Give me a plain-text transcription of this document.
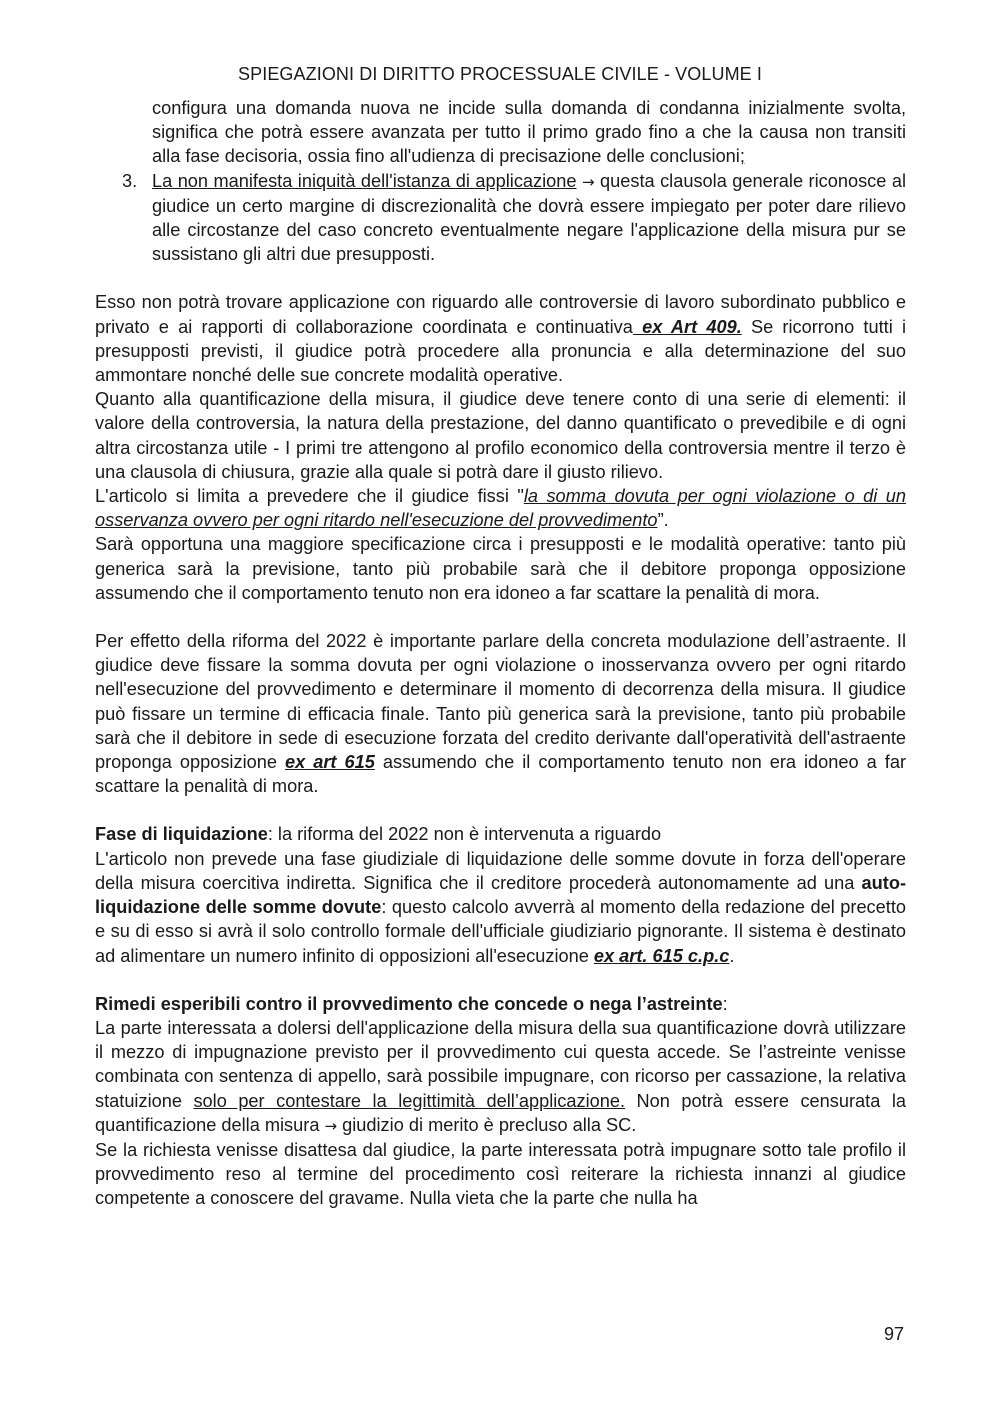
SPIEGAZIONI DI DIRITTO PROCESSUALE CIVILE - VOLUME I

configura una domanda nuova ne incide sulla domanda di condanna inizialmente svolta, significa che potrà essere avanzata per tutto il primo grado fino a che la causa non transiti alla fase decisoria, ossia fino all'udienza di precisazione delle conclusioni;

3. La non manifesta iniquità dell'istanza di applicazione → questa clausola generale riconosce al giudice un certo margine di discrezionalità che dovrà essere impiegato per poter dare rilievo alle circostanze del caso concreto eventualmente negare l'applicazione della misura pur se sussistano gli altri due presupposti.

Esso non potrà trovare applicazione con riguardo alle controversie di lavoro subordinato pubblico e privato e ai rapporti di collaborazione coordinata e continuativa ex Art 409. Se ricorrono tutti i presupposti previsti, il giudice potrà procedere alla pronuncia e alla determinazione del suo ammontare nonché delle sue concrete modalità operative.

Quanto alla quantificazione della misura, il giudice deve tenere conto di una serie di elementi: il valore della controversia, la natura della prestazione, del danno quantificato o prevedibile e di ogni altra circostanza utile - I primi tre attengono al profilo economico della controversia mentre il terzo è una clausola di chiusura, grazie alla quale si potrà dare il giusto rilievo.

L'articolo si limita a prevedere che il giudice fissi "la somma dovuta per ogni violazione o di un osservanza ovvero per ogni ritardo nell'esecuzione del provvedimento”.

Sarà opportuna una maggiore specificazione circa i presupposti e le modalità operative: tanto più generica sarà la previsione, tanto più probabile sarà che il debitore proponga opposizione assumendo che il comportamento tenuto non era idoneo a far scattare la penalità di mora.

Per effetto della riforma del 2022 è importante parlare della concreta modulazione dell’astraente. Il giudice deve fissare la somma dovuta per ogni violazione o inosservanza ovvero per ogni ritardo nell'esecuzione del provvedimento e determinare il momento di decorrenza della misura. Il giudice può fissare un termine di efficacia finale. Tanto più generica sarà la previsione, tanto più probabile sarà che il debitore in sede di esecuzione forzata del credito derivante dall'operatività dell'astraente proponga opposizione ex art 615 assumendo che il comportamento tenuto non era idoneo a far scattare la penalità di mora.

Fase di liquidazione: la riforma del 2022 non è intervenuta a riguardo

L'articolo non prevede una fase giudiziale di liquidazione delle somme dovute in forza dell'operare della misura coercitiva indiretta. Significa che il creditore procederà autonomamente ad una auto-liquidazione delle somme dovute: questo calcolo avverrà al momento della redazione del precetto e su di esso si avrà il solo controllo formale dell'ufficiale giudiziario pignorante. Il sistema è destinato ad alimentare un numero infinito di opposizioni all'esecuzione ex art. 615 c.p.c.

Rimedi esperibili contro il provvedimento che concede o nega l’astreinte:

La parte interessata a dolersi dell'applicazione della misura della sua quantificazione dovrà utilizzare il mezzo di impugnazione previsto per il provvedimento cui questa accede. Se l’astreinte venisse combinata con sentenza di appello, sarà possibile impugnare, con ricorso per cassazione, la relativa statuizione solo per contestare la legittimità dell’applicazione. Non potrà essere censurata la quantificazione della misura → giudizio di merito è precluso alla SC.

Se la richiesta venisse disattesa dal giudice, la parte interessata potrà impugnare sotto tale profilo il provvedimento reso al termine del procedimento così reiterare la richiesta innanzi al giudice competente a conoscere del gravame. Nulla vieta che la parte che nulla ha

97
